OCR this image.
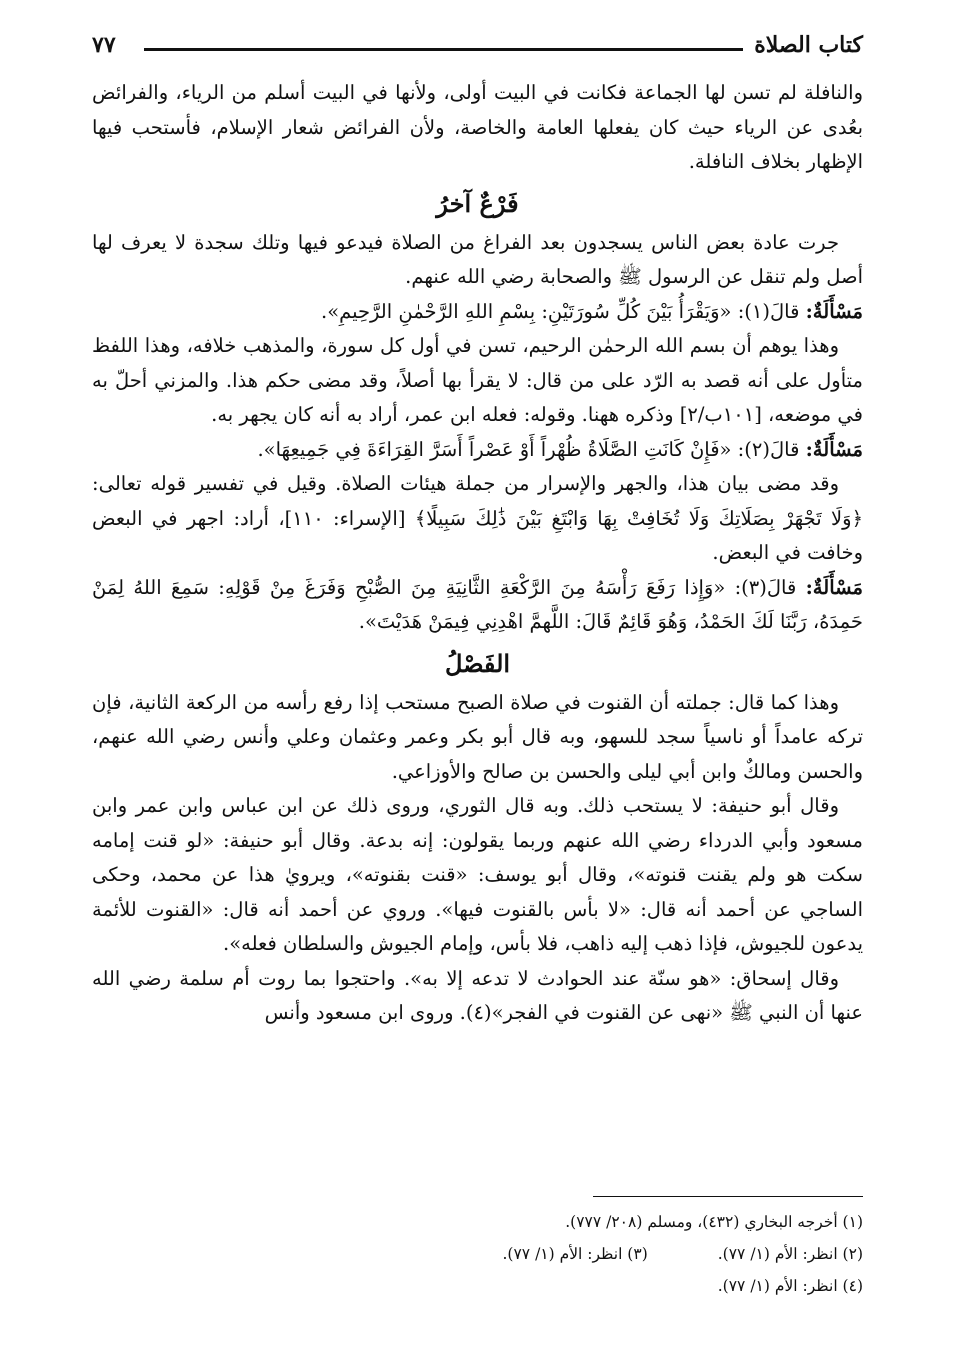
كتاب الصلاة
٧٧

والنافلة لم تسن لها الجماعة فكانت في البيت أولى، ولأنها في البيت أسلم من الرياء، والفرائض بعُدى عن الرياء حيث كان يفعلها العامة والخاصة، ولأن الفرائض شعار الإسلام، فأستحب فيها الإظهار بخلاف النافلة.

فَرْعٌ آخرُ

جرت عادة بعض الناس يسجدون بعد الفراغ من الصلاة فيدعو فيها وتلك سجدة لا يعرف لها أصل ولم تنقل عن الرسول ﷺ والصحابة رضي الله عنهم.

مَسْأَلَةٌ: قالَ(١): «وَيَقْرَأُ بَيْنَ كُلِّ سُورَتَيْنِ: بِسْمِ اللهِ الرَّحْمٰنِ الرَّحِيمِ».

وهذا يوهم أن بسم الله الرحمٰن الرحيم، تسن في أول كل سورة، والمذهب خلافه، وهذا اللفظ متأول على أنه قصد به الرّد على من قال: لا يقرأ بها أصلاً، وقد مضى حكم هذا. والمزني أحلّ به في موضعه، [١٠١ب/٢] وذكره ههنا. وقوله: فعله ابن عمر، أراد به أنه كان يجهر به.

مَسْأَلَةٌ: قالَ(٢): «فَإِنْ كَانَتِ الصَّلَاةُ ظُهْراً أَوْ عَصْراً أَسَرَّ القِرَاءَةَ فِي جَمِيعِهَا».

وقد مضى بيان هذا، والجهر والإسرار من جملة هيئات الصلاة. وقيل في تفسير قوله تعالى: ﴿وَلَا تَجْهَرْ بِصَلَاتِكَ وَلَا تُخَافِتْ بِهَا وَابْتَغِ بَيْنَ ذَٰلِكَ سَبِيلًا﴾ [الإسراء: ١١٠]، أراد: اجهر في البعض وخافت في البعض.

مَسْأَلَةٌ: قالَ(٣): «وَإِذا رَفَعَ رَأْسَهُ مِنَ الرَّكْعَةِ الثَّانِيَةِ مِنَ الصُّبْحِ وَفَرَغَ مِنْ قَوْلِهِ: سَمِعَ اللهُ لِمَنْ حَمِدَهُ، رَبَّنَا لَكَ الحَمْدُ، وَهُوَ قَائِمٌ قَالَ: اللَّهمَّ اهْدِنِي فِيمَنْ هَدَيْتَ».

الفَصْلُ

وهذا كما قال: جملته أن القنوت في صلاة الصبح مستحب إذا رفع رأسه من الركعة الثانية، فإن تركه عامداً أو ناسياً سجد للسهو، وبه قال أبو بكر وعمر وعثمان وعلي وأنس رضي الله عنهم، والحسن ومالكٌ وابن أبي ليلى والحسن بن صالح والأوزاعي.

وقال أبو حنيفة: لا يستحب ذلك. وبه قال الثوري، وروى ذلك عن ابن عباس وابن عمر وابن مسعود وأبي الدرداء رضي الله عنهم وربما يقولون: إنه بدعة. وقال أبو حنيفة: «لو قنت إمامه سكت هو ولم يقنت قنوته»، وقال أبو يوسف: «قنت بقنوته»، ويرويٰ هذا عن محمد، وحكى الساجي عن أحمد أنه قال: «لا بأس بالقنوت فيها». وروي عن أحمد أنه قال: «القنوت للأئمة يدعون للجيوش، فإذا ذهب إليه ذاهب، فلا بأس، وإمام الجيوش والسلطان فعله».

وقال إسحاق: «هو سنّة عند الحوادث لا تدعه إلا به». واحتجوا بما روت أم سلمة رضي الله عنها أن النبي ﷺ «نهى عن القنوت في الفجر»(٤). وروى ابن مسعود وأنس

(١) أخرجه البخاري (٤٣٢)، ومسلم (٢٠٨/ ٧٧٧).

(٢) انظر: الأم (١/ ٧٧).

(٣) انظر: الأم (١/ ٧٧).

(٤) انظر: الأم (١/ ٧٧).
